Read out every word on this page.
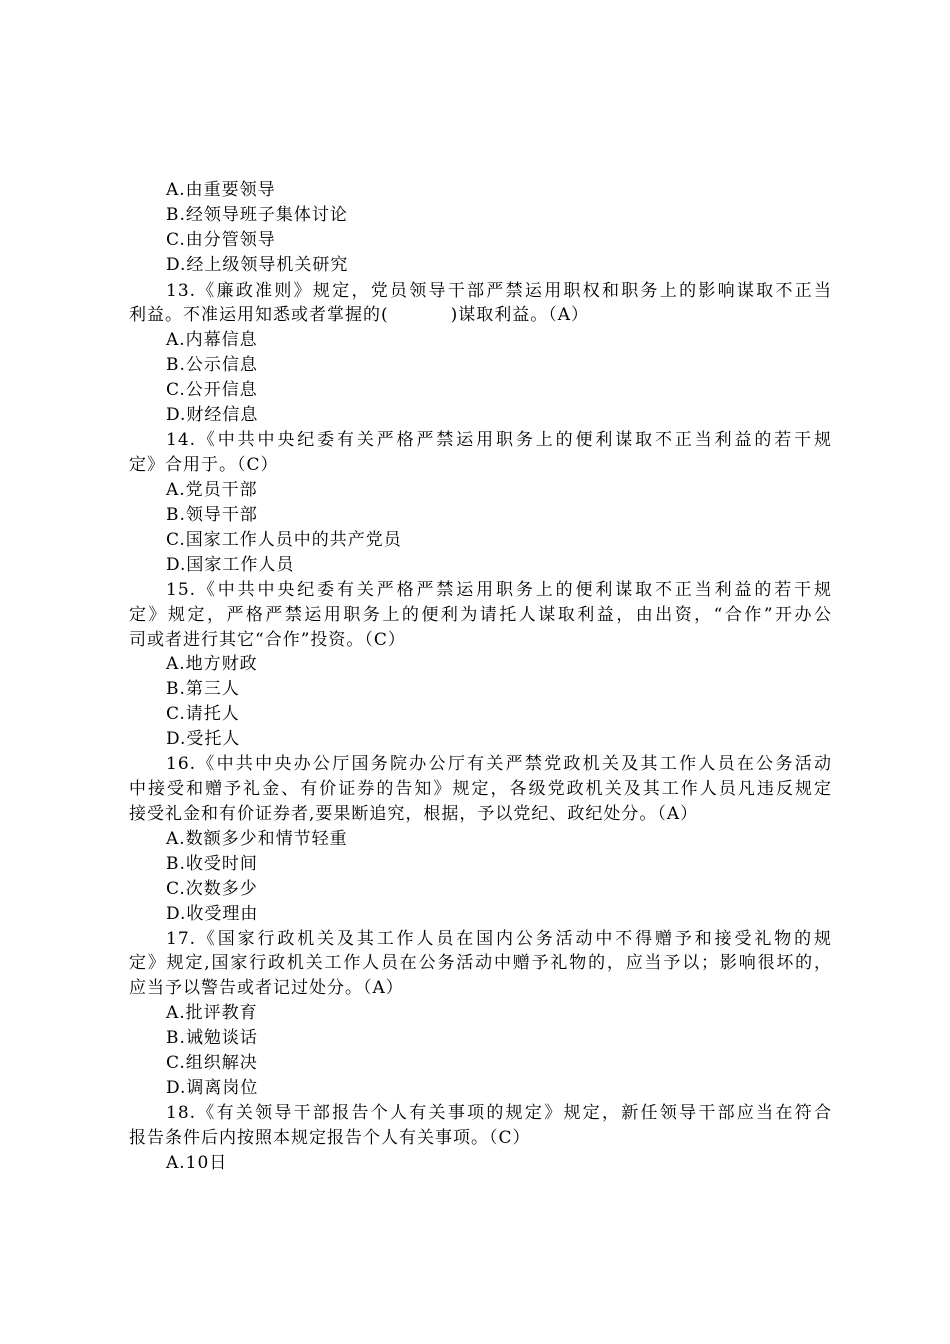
A.由重要领导
B.经领导班子集体讨论
C.由分管领导
D.经上级领导机关研究
13.《廉政准则》规定，党员领导干部严禁运用职权和职务上的影响谋取不正当
利益。不准运用知悉或者掌握的(	)谋取利益。（A）
A.内幕信息
B.公示信息
C.公开信息
D.财经信息
14.《中共中央纪委有关严格严禁运用职务上的便利谋取不正当利益的若干规
定》合用于。（C）
A.党员干部
B.领导干部
C.国家工作人员中的共产党员
D.国家工作人员
15.《中共中央纪委有关严格严禁运用职务上的便利谋取不正当利益的若干规
定》规定，严格严禁运用职务上的便利为请托人谋取利益，由出资，“合作”开办公
司或者进行其它“合作”投资。（C）
A.地方财政
B.第三人
C.请托人
D.受托人
16.《中共中央办公厅国务院办公厅有关严禁党政机关及其工作人员在公务活动
中接受和赠予礼金、有价证券的告知》规定，各级党政机关及其工作人员凡违反规定
接受礼金和有价证券者,要果断追究，根据，予以党纪、政纪处分。（A）
A.数额多少和情节轻重
B.收受时间
C.次数多少
D.收受理由
17.《国家行政机关及其工作人员在国内公务活动中不得赠予和接受礼物的规
定》规定,国家行政机关工作人员在公务活动中赠予礼物的，应当予以；影响很坏的，
应当予以警告或者记过处分。（A）
A.批评教育
B.诫勉谈话
C.组织解决
D.调离岗位
18.《有关领导干部报告个人有关事项的规定》规定，新任领导干部应当在符合
报告条件后内按照本规定报告个人有关事项。（C）
A.10日
